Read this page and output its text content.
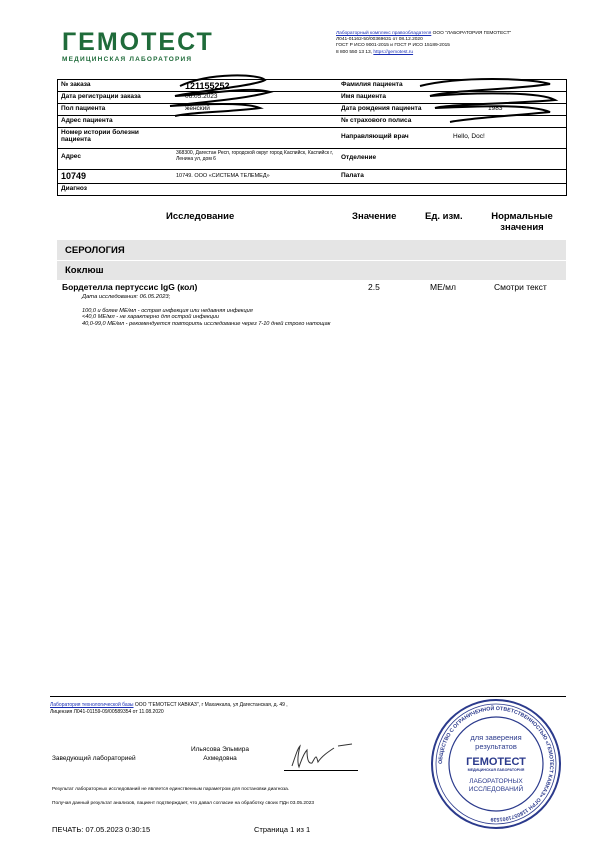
ГЕМОТЕСТ
МЕДИЦИНСКАЯ ЛАБОРАТОРИЯ
Лабораторный комплекс правообладателя ООО "ЛАБОРАТОРИЯ ГЕМОТЕСТ"
Л041-01162-50/00369631 от 08.12.2020
ГОСТ Р ИСО 9001-2015 и ГОСТ Р ИСО 15189-2015
8 800 550 13 13, https://gemotest.ru
№ заказа	121155252	Фамилия пациента
Дата регистрации заказа	06.05.2023	Имя пациента
Пол пациента	женский	Дата рождения пациента	1983
Адрес пациента	№ страхового полиса
Номер истории болезни пациента	Направляющий врач	Hello, Doc!
Адрес	368300, Дагестан Респ, городской округ город Каспийск, Каспийск г, Ленина ул, дом 6	Отделение
10749	10749. ООО «СИСТЕМА ТЕЛЕМЕД»	Палата
Диагноз
Исследование	Значение	Ед. изм.	Нормальные
значения
СЕРОЛОГИЯ
Коклюш
Бордетелла пертуссис IgG (кол)	2.5	МЕ/мл	Смотри текст
Дата исследования: 06.05.2023;
100,0 и более МЕ/мл - острая инфекция или недавняя инфекция
<40,0 МЕ/мл - не характерно для острой инфекции
40,0-99,0 МЕ/мл - рекомендуется повторить исследование через 7-10 дней строго натощак
Лаборатория технологической базы ООО "ГЕМОТЕСТ КАВКАЗ", г Махачкала, ул Дагестанская, д. 49 ,
Лицензия Л041-01159-09/00589354 от 11.08.2020
Заведующий лабораторией
Ильясова Эльмира
Ахмедовна
Результат лабораторных исследований не является единственным параметром для постановки диагноза.
Получая данный результат анализов, пациент подтверждает, что давал согласие на обработку своих ПДн 03.05.2023
ПЕЧАТЬ: 07.05.2023 0:30:15	Страница 1 из 1
ОБЩЕСТВО С ОГРАНИЧЕННОЙ ОТВЕТСТВЕННОСТЬЮ «ГЕМОТЕСТ КАВКАЗ» ОГРН 1180571001539
для заверения
результатов
ГЕМОТЕСТ
МЕДИЦИНСКАЯ ЛАБОРАТОРИЯ
ЛАБОРАТОРНЫХ
ИССЛЕДОВАНИЙ
